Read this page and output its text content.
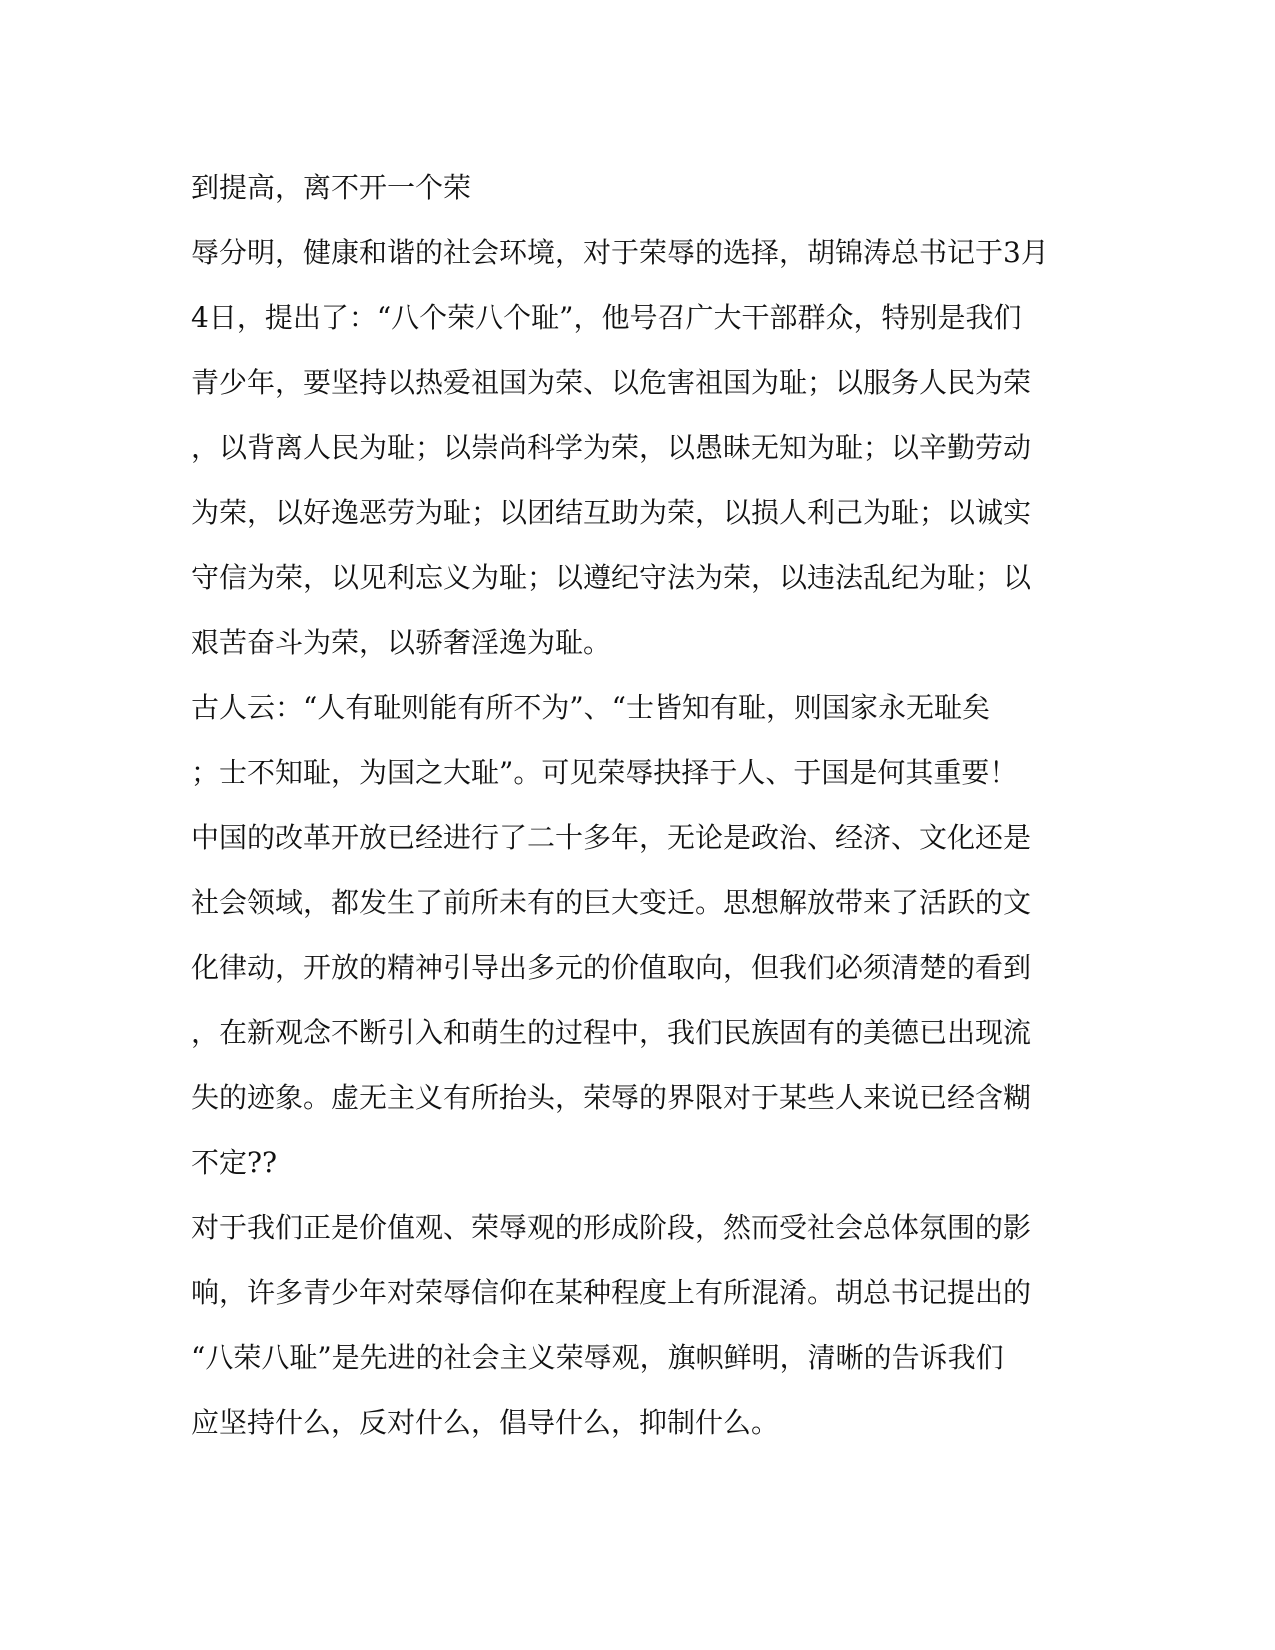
到提高，离不开一个荣
辱分明，健康和谐的社会环境，对于荣辱的选择，胡锦涛总书记于3月
4日，提出了：“八个荣八个耻”，他号召广大干部群众，特别是我们
青少年，要坚持以热爱祖国为荣、以危害祖国为耻；以服务人民为荣
，以背离人民为耻；以崇尚科学为荣，以愚昧无知为耻；以辛勤劳动
为荣，以好逸恶劳为耻；以团结互助为荣，以损人利己为耻；以诚实
守信为荣，以见利忘义为耻；以遵纪守法为荣，以违法乱纪为耻；以
艰苦奋斗为荣，以骄奢淫逸为耻。
古人云：“人有耻则能有所不为”、“士皆知有耻，则国家永无耻矣
；士不知耻，为国之大耻”。可见荣辱抉择于人、于国是何其重要！
中国的改革开放已经进行了二十多年，无论是政治、经济、文化还是
社会领域，都发生了前所未有的巨大变迁。思想解放带来了活跃的文
化律动，开放的精神引导出多元的价值取向，但我们必须清楚的看到
，在新观念不断引入和萌生的过程中，我们民族固有的美德已出现流
失的迹象。虚无主义有所抬头，荣辱的界限对于某些人来说已经含糊
不定??
对于我们正是价值观、荣辱观的形成阶段，然而受社会总体氛围的影
响，许多青少年对荣辱信仰在某种程度上有所混淆。胡总书记提出的
“八荣八耻”是先进的社会主义荣辱观，旗帜鲜明，清晰的告诉我们
应坚持什么，反对什么，倡导什么，抑制什么。
